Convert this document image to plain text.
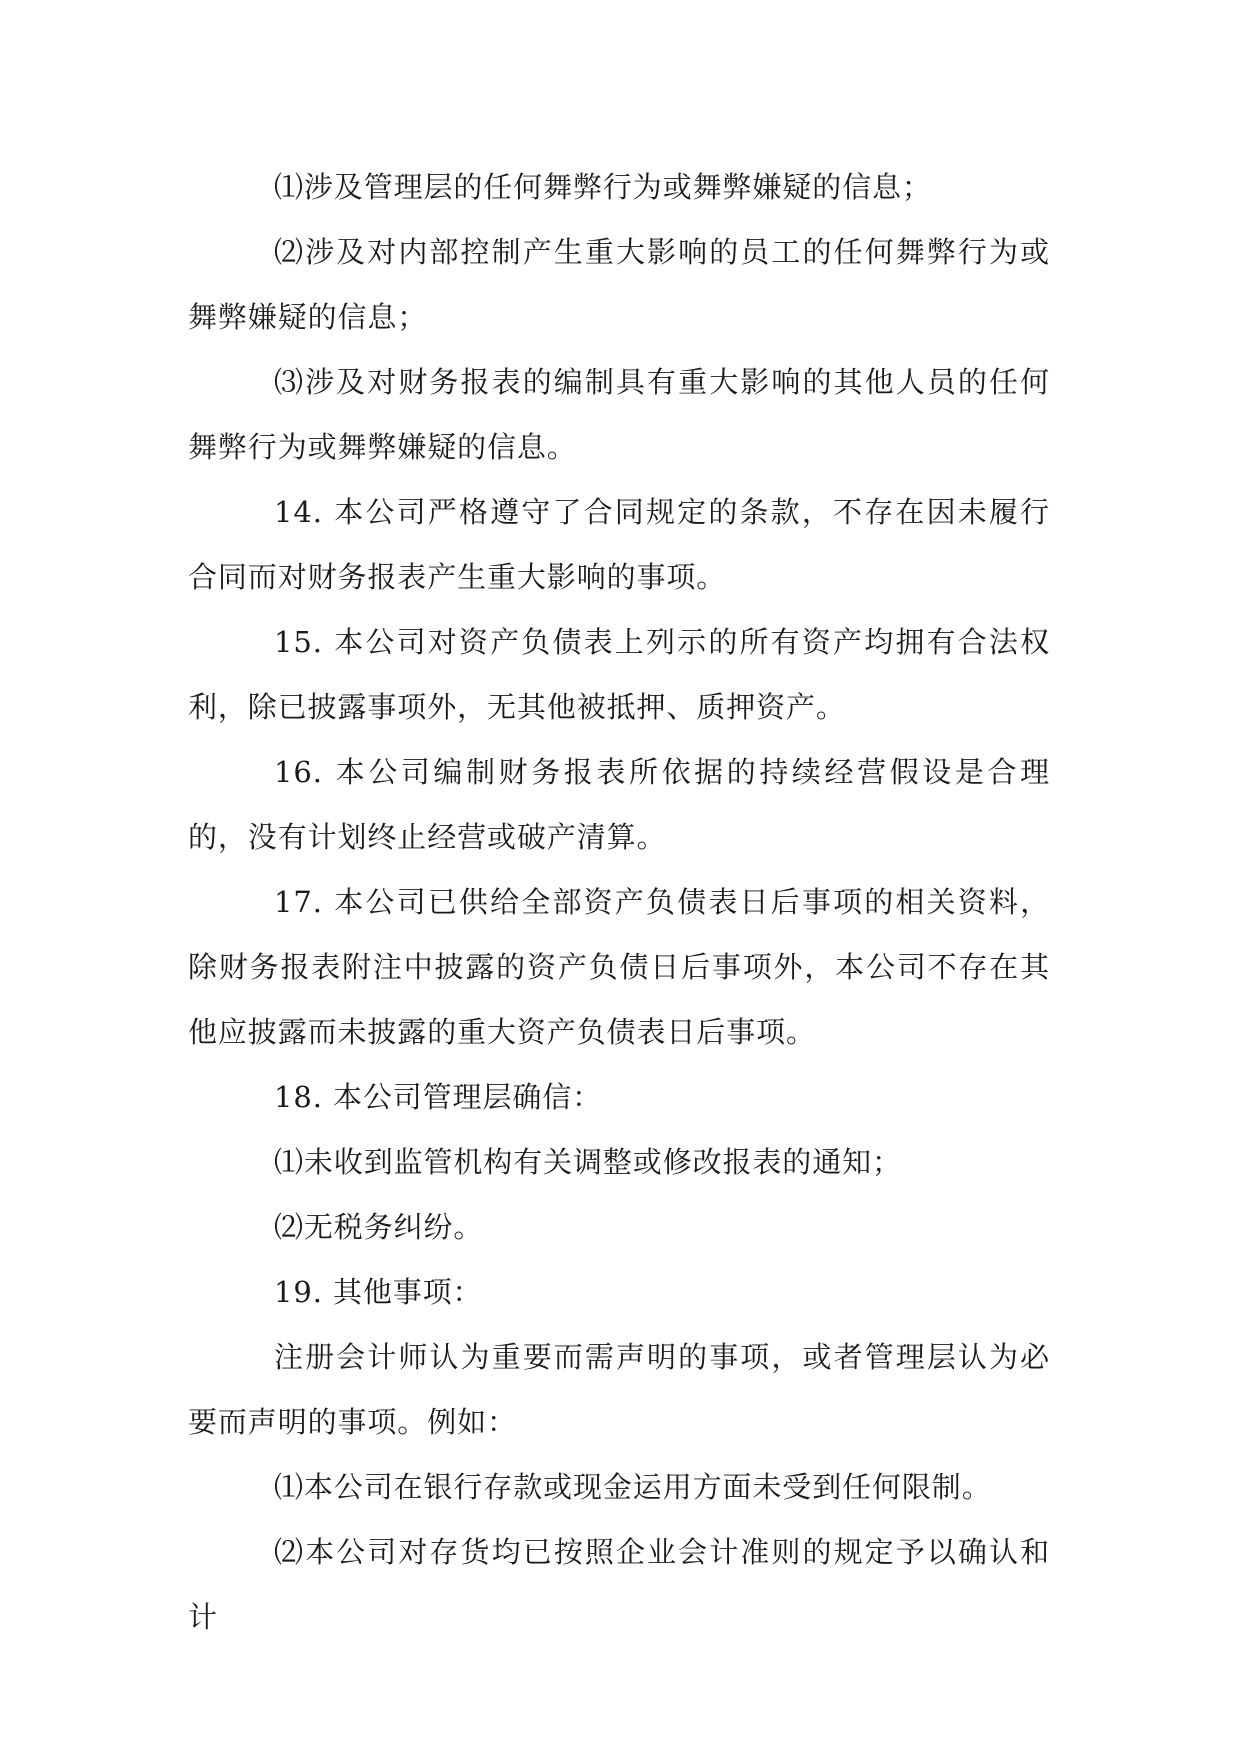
⑴涉及管理层的任何舞弊行为或舞弊嫌疑的信息；

⑵涉及对内部控制产生重大影响的员工的任何舞弊行为或舞弊嫌疑的信息；

⑶涉及对财务报表的编制具有重大影响的其他人员的任何舞弊行为或舞弊嫌疑的信息。

14. 本公司严格遵守了合同规定的条款，不存在因未履行合同而对财务报表产生重大影响的事项。

15. 本公司对资产负债表上列示的所有资产均拥有合法权利，除已披露事项外，无其他被抵押、质押资产。

16. 本公司编制财务报表所依据的持续经营假设是合理的，没有计划终止经营或破产清算。

17. 本公司已供给全部资产负债表日后事项的相关资料，除财务报表附注中披露的资产负债日后事项外，本公司不存在其他应披露而未披露的重大资产负债表日后事项。

18. 本公司管理层确信：

⑴未收到监管机构有关调整或修改报表的通知；

⑵无税务纠纷。

19. 其他事项：

注册会计师认为重要而需声明的事项，或者管理层认为必要而声明的事项。例如：

⑴本公司在银行存款或现金运用方面未受到任何限制。

⑵本公司对存货均已按照企业会计准则的规定予以确认和计
